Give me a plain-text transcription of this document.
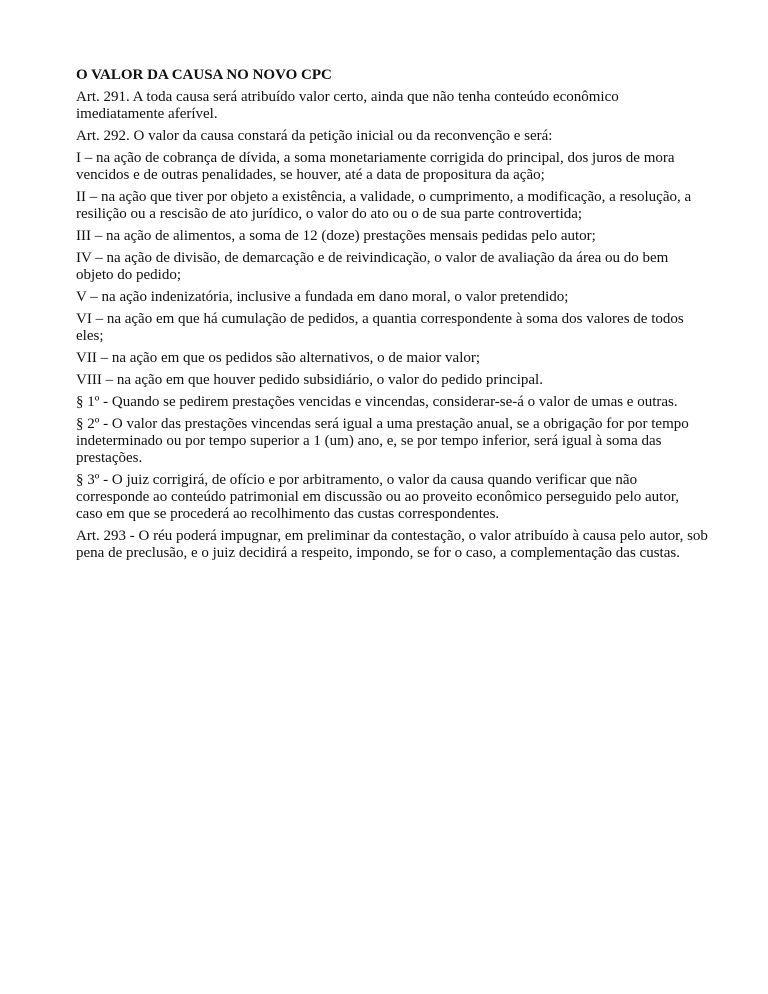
O VALOR DA CAUSA NO NOVO CPC

Art. 291. A toda causa será atribuído valor certo, ainda que não tenha conteúdo econômico imediatamente aferível.

Art. 292. O valor da causa constará da petição inicial ou da reconvenção e será:

I – na ação de cobrança de dívida, a soma monetariamente corrigida do principal, dos juros de mora vencidos e de outras penalidades, se houver, até a data de propositura da ação;

II – na ação que tiver por objeto a existência, a validade, o cumprimento, a modificação, a resolução, a resilição ou a rescisão de ato jurídico, o valor do ato ou o de sua parte controvertida;

III – na ação de alimentos, a soma de 12 (doze) prestações mensais pedidas pelo autor;

IV – na ação de divisão, de demarcação e de reivindicação, o valor de avaliação da área ou do bem objeto do pedido;

V – na ação indenizatória, inclusive a fundada em dano moral, o valor pretendido;

VI – na ação em que há cumulação de pedidos, a quantia correspondente à soma dos valores de todos eles;

VII – na ação em que os pedidos são alternativos, o de maior valor;

VIII – na ação em que houver pedido subsidiário, o valor do pedido principal.

§ 1º - Quando se pedirem prestações vencidas e vincendas, considerar-se-á o valor de umas e outras.

§ 2º - O valor das prestações vincendas será igual a uma prestação anual, se a obrigação for por tempo indeterminado ou por tempo superior a 1 (um) ano, e, se por tempo inferior, será igual à soma das prestações.

§ 3º - O juiz corrigirá, de ofício e por arbitramento, o valor da causa quando verificar que não corresponde ao conteúdo patrimonial em discussão ou ao proveito econômico perseguido pelo autor, caso em que se procederá ao recolhimento das custas correspondentes.

Art. 293 - O réu poderá impugnar, em preliminar da contestação, o valor atribuído à causa pelo autor, sob pena de preclusão, e o juiz decidirá a respeito, impondo, se for o caso, a complementação das custas.
